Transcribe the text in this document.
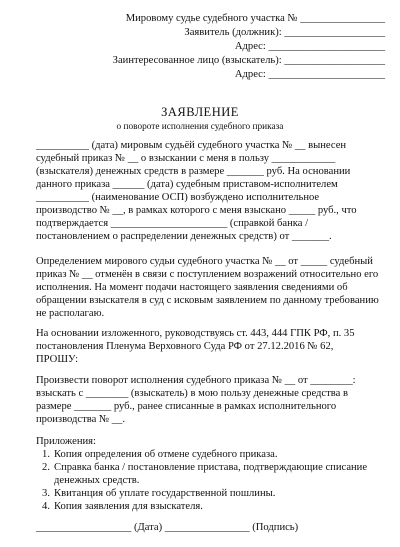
Мировому судье судебного участка № ________________
Заявитель (должник): ___________________
Адрес: ______________________
Заинтересованное лицо (взыскатель): ___________________
Адрес: ______________________
ЗАЯВЛЕНИЕ
о повороте исполнения судебного приказа
__________ (дата) мировым судьёй судебного участка № __ вынесен
судебный приказ № __ о взыскании с меня в пользу ____________
(взыскателя) денежных средств в размере _______ руб. На основании
данного приказа ______ (дата) судебным приставом-исполнителем
__________ (наименование ОСП) возбуждено исполнительное
производство № __, в рамках которого с меня взыскано _____ руб., что
подтверждается ______________________ (справкой банка /
постановлением о распределении денежных средств) от _______.
Определением мирового судьи судебного участка № __ от _____ судебный
приказ № __ отменён в связи с поступлением возражений относительно его
исполнения. На момент подачи настоящего заявления сведениями об
обращении взыскателя в суд с исковым заявлением по данному требованию
не располагаю.
На основании изложенного, руководствуясь ст. 443, 444 ГПК РФ, п. 35
постановления Пленума Верховного Суда РФ от 27.12.2016 № 62,
ПРОШУ:
Произвести поворот исполнения судебного приказа № __ от ________:
взыскать с ________ (взыскатель) в мою пользу денежные средства в
размере _______ руб., ранее списанные в рамках исполнительного
производства № __.
Приложения:
1. Копия определения об отмене судебного приказа.
2. Справка банка / постановление пристава, подтверждающие списание
денежных средств.
3. Квитанция об уплате государственной пошлины.
4. Копия заявления для взыскателя.
__________________ (Дата) ________________ (Подпись)
